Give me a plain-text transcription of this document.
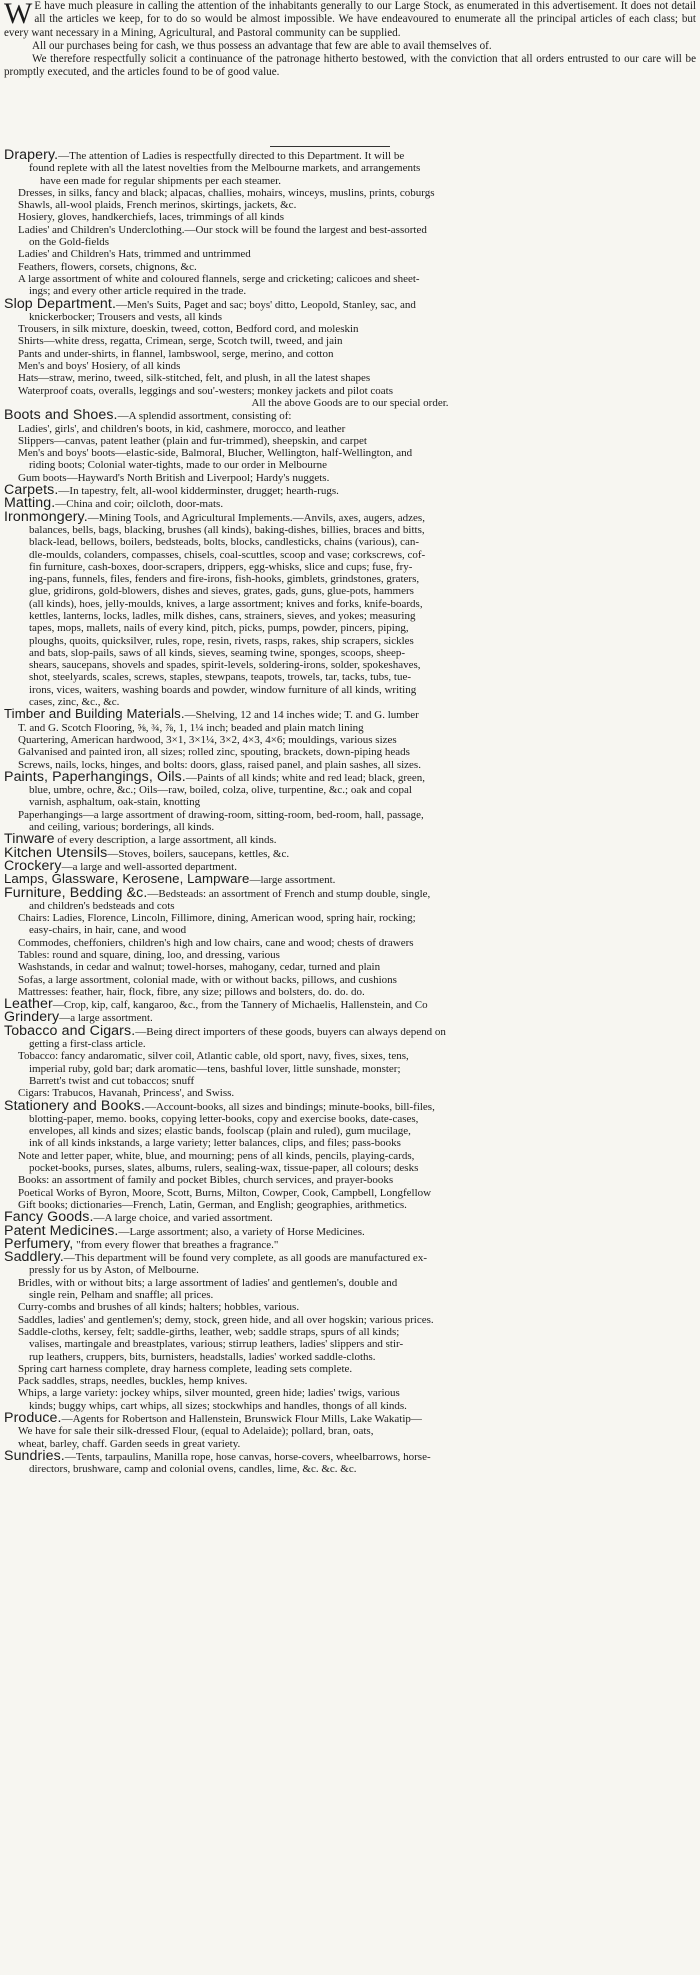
W E have much pleasure in calling the attention of the inhabitants generally to our Large Stock, as enumerated in this advertisement. It does not detail all the articles we keep, for to do so would be almost impossible. We have endeavoured to enumerate all the principal articles of each class; but every want necessary in a Mining, Agricultural, and Pastoral community can be supplied.

All our purchases being for cash, we thus possess an advantage that few are able to avail themselves of.

We therefore respectfully solicit a continuance of the patronage hitherto bestowed, with the conviction that all orders entrusted to our care will be promptly executed, and the articles found to be of good value.

Drapery.—The attention of Ladies is respectfully directed to this Department. It will be
found replete with all the latest novelties from the Melbourne markets, and arrangements
have een made for regular shipments per each steamer.
Dresses, in silks, fancy and black; alpacas, challies, mohairs, winceys, muslins, prints, coburgs
Shawls, all-wool plaids, French merinos, skirtings, jackets, &c.
Hosiery, gloves, handkerchiefs, laces, trimmings of all kinds
Ladies' and Children's Underclothing.—Our stock will be found the largest and best-assorted
on the Gold-fields
Ladies' and Children's Hats, trimmed and untrimmed
Feathers, flowers, corsets, chignons, &c.
A large assortment of white and coloured flannels, serge and cricketing; calicoes and sheet-
ings; and every other article required in the trade.
Slop Department.—Men's Suits, Paget and sac; boys' ditto, Leopold, Stanley, sac, and
knickerbocker; Trousers and vests, all kinds
Trousers, in silk mixture, doeskin, tweed, cotton, Bedford cord, and moleskin
Shirts—white dress, regatta, Crimean, serge, Scotch twill, tweed, and jain
Pants and under-shirts, in flannel, lambswool, serge, merino, and cotton
Men's and boys' Hosiery, of all kinds
Hats—straw, merino, tweed, silk-stitched, felt, and plush, in all the latest shapes
Waterproof coats, overalls, leggings and sou'-westers; monkey jackets and pilot coats
All the above Goods are to our special order.
Boots and Shoes.—A splendid assortment, consisting of:
Ladies', girls', and children's boots, in kid, cashmere, morocco, and leather
Slippers—canvas, patent leather (plain and fur-trimmed), sheepskin, and carpet
Men's and boys' boots—elastic-side, Balmoral, Blucher, Wellington, half-Wellington, and
riding boots; Colonial water-tights, made to our order in Melbourne
Gum boots—Hayward's North British and Liverpool; Hardy's nuggets.
Carpets.—In tapestry, felt, all-wool kidderminster, drugget; hearth-rugs.
Matting.—China and coir; oilcloth, door-mats.
Ironmongery.—Mining Tools, and Agricultural Implements.—Anvils, axes, augers, adzes,
balances, bells, bags, blacking, brushes (all kinds), baking-dishes, billies, braces and bitts,
black-lead, bellows, boilers, bedsteads, bolts, blocks, candlesticks, chains (various), can-
dle-moulds, colanders, compasses, chisels, coal-scuttles, scoop and vase; corkscrews, cof-
fin furniture, cash-boxes, door-scrapers, drippers, egg-whisks, slice and cups; fuse, fry-
ing-pans, funnels, files, fenders and fire-irons, fish-hooks, gimblets, grindstones, graters,
glue, gridirons, gold-blowers, dishes and sieves, grates, gads, guns, glue-pots, hammers
(all kinds), hoes, jelly-moulds, knives, a large assortment; knives and forks, knife-boards,
kettles, lanterns, locks, ladles, milk dishes, cans, strainers, sieves, and yokes; measuring
tapes, mops, mallets, nails of every kind, pitch, picks, pumps, powder, pincers, piping,
ploughs, quoits, quicksilver, rules, rope, resin, rivets, rasps, rakes, ship scrapers, sickles
and bats, slop-pails, saws of all kinds, sieves, seaming twine, sponges, scoops, sheep-
shears, saucepans, shovels and spades, spirit-levels, soldering-irons, solder, spokeshaves,
shot, steelyards, scales, screws, staples, stewpans, teapots, trowels, tar, tacks, tubs, tue-
irons, vices, waiters, washing boards and powder, window furniture of all kinds, writing
cases, zinc, &c., &c.
Timber and Building Materials.—Shelving, 12 and 14 inches wide; T. and G. lumber
T. and G. Scotch Flooring, ⅝, ¾, ⅞, 1, 1¼ inch; beaded and plain match lining
Quartering, American hardwood, 3×1, 3×1¼, 3×2, 4×3, 4×6; mouldings, various sizes
Galvanised and painted iron, all sizes; rolled zinc, spouting, brackets, down-piping heads
Screws, nails, locks, hinges, and bolts: doors, glass, raised panel, and plain sashes, all sizes.
Paints, Paperhangings, Oils.—Paints of all kinds; white and red lead; black, green,
blue, umbre, ochre, &c.; Oils—raw, boiled, colza, olive, turpentine, &c.; oak and copal
varnish, asphaltum, oak-stain, knotting
Paperhangings—a large assortment of drawing-room, sitting-room, bed-room, hall, passage,
and ceiling, various; borderings, all kinds.
Tinware of every description, a large assortment, all kinds.
Kitchen Utensils—Stoves, boilers, saucepans, kettles, &c.
Crockery—a large and well-assorted department.
Lamps, Glassware, Kerosene, Lampware—large assortment.
Furniture, Bedding &c.—Bedsteads: an assortment of French and stump double, single,
and children's bedsteads and cots
Chairs: Ladies, Florence, Lincoln, Fillimore, dining, American wood, spring hair, rocking;
easy-chairs, in hair, cane, and wood
Commodes, cheffoniers, children's high and low chairs, cane and wood; chests of drawers
Tables: round and square, dining, loo, and dressing, various
Washstands, in cedar and walnut; towel-horses, mahogany, cedar, turned and plain
Sofas, a large assortment, colonial made, with or without backs, pillows, and cushions
Mattresses: feather, hair, flock, fibre, any size; pillows and bolsters, do. do. do.
Leather—Crop, kip, calf, kangaroo, &c., from the Tannery of Michaelis, Hallenstein, and Co
Grindery—a large assortment.
Tobacco and Cigars.—Being direct importers of these goods, buyers can always depend on
getting a first-class article.
Tobacco: fancy andaromatic, silver coil, Atlantic cable, old sport, navy, fives, sixes, tens,
imperial ruby, gold bar; dark aromatic—tens, bashful lover, little sunshade, monster;
Barrett's twist and cut tobaccos; snuff
Cigars: Trabucos, Havanah, Princess', and Swiss.
Stationery and Books.—Account-books, all sizes and bindings; minute-books, bill-files,
blotting-paper, memo. books, copying letter-books, copy and exercise books, date-cases,
envelopes, all kinds and sizes; elastic bands, foolscap (plain and ruled), gum mucilage,
ink of all kinds inkstands, a large variety; letter balances, clips, and files; pass-books
Note and letter paper, white, blue, and mourning; pens of all kinds, pencils, playing-cards,
pocket-books, purses, slates, albums, rulers, sealing-wax, tissue-paper, all colours; desks
Books: an assortment of family and pocket Bibles, church services, and prayer-books
Poetical Works of Byron, Moore, Scott, Burns, Milton, Cowper, Cook, Campbell, Longfellow
Gift books; dictionaries—French, Latin, German, and English; geographies, arithmetics.
Fancy Goods.—A large choice, and varied assortment.
Patent Medicines.—Large assortment; also, a variety of Horse Medicines.
Perfumery, "from every flower that breathes a fragrance."
Saddlery.—This department will be found very complete, as all goods are manufactured ex-
pressly for us by Aston, of Melbourne.
Bridles, with or without bits; a large assortment of ladies' and gentlemen's, double and
single rein, Pelham and snaffle; all prices.
Curry-combs and brushes of all kinds; halters; hobbles, various.
Saddles, ladies' and gentlemen's; demy, stock, green hide, and all over hogskin; various prices.
Saddle-cloths, kersey, felt; saddle-girths, leather, web; saddle straps, spurs of all kinds;
valises, martingale and breastplates, various; stirrup leathers, ladies' slippers and stir-
rup leathers, cruppers, bits, burnisters, headstalls, ladies' worked saddle-cloths.
Spring cart harness complete, dray harness complete, leading sets complete.
Pack saddles, straps, needles, buckles, hemp knives.
Whips, a large variety: jockey whips, silver mounted, green hide; ladies' twigs, various
kinds; buggy whips, cart whips, all sizes; stockwhips and handles, thongs of all kinds.
Produce.—Agents for Robertson and Hallenstein, Brunswick Flour Mills, Lake Wakatip—
We have for sale their silk-dressed Flour, (equal to Adelaide); pollard, bran, oats,
wheat, barley, chaff. Garden seeds in great variety.
Sundries.—Tents, tarpaulins, Manilla rope, hose canvas, horse-covers, wheelbarrows, horse-
directors, brushware, camp and colonial ovens, candles, lime, &c. &c. &c.
